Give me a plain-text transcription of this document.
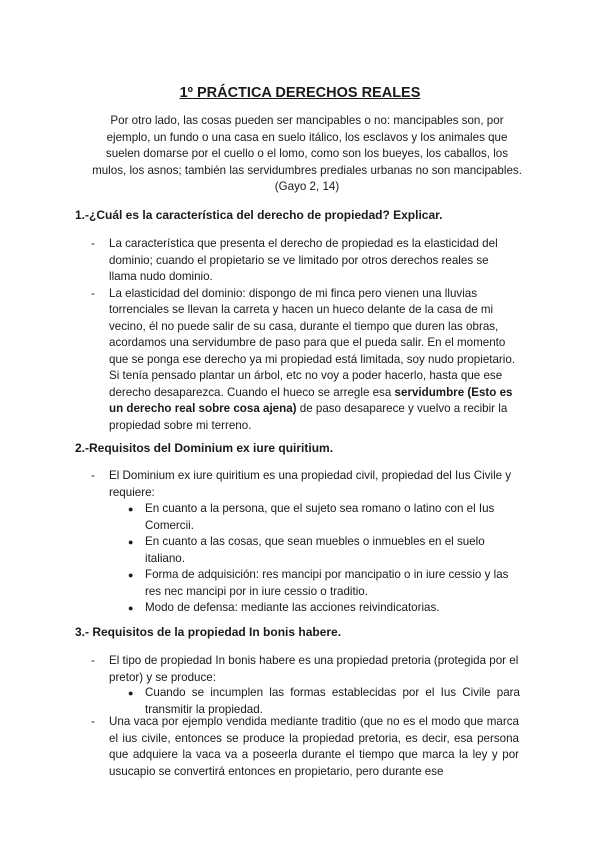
1º PRÁCTICA DERECHOS REALES

Por otro lado, las cosas pueden ser mancipables o no: mancipables son, por ejemplo, un fundo o una casa en suelo itálico, los esclavos y los animales que suelen domarse por el cuello o el lomo, como son los bueyes, los caballos, los mulos, los asnos; también las servidumbres prediales urbanas no son mancipables. (Gayo 2, 14)

1.-¿Cuál es la característica del derecho de propiedad? Explicar.
- La característica que presenta el derecho de propiedad es la elasticidad del dominio; cuando el propietario se ve limitado por otros derechos reales se llama nudo dominio.
- La elasticidad del dominio: dispongo de mi finca pero vienen una lluvias torrenciales se llevan la carreta y hacen un hueco delante de la casa de mi vecino, él no puede salir de su casa, durante el tiempo que duren las obras, acordamos una servidumbre de paso para que el pueda salir. En el momento que se ponga ese derecho ya mi propiedad está limitada, soy nudo propietario. Si tenía pensado plantar un árbol, etc no voy a poder hacerlo, hasta que ese derecho desaparezca. Cuando el hueco se arregle esa servidumbre (Esto es un derecho real sobre cosa ajena) de paso desaparece y vuelvo a recibir la propiedad sobre mi terreno.
2.-Requisitos del Dominium ex iure quiritium.
- El Dominium ex iure quiritium es una propiedad civil, propiedad del Ius Civile y requiere:
● En cuanto a la persona, que el sujeto sea romano o latino con el Ius Comercii.
● En cuanto a las cosas, que sean muebles o inmuebles en el suelo italiano.
● Forma de adquisición: res mancipi por mancipatio o in iure cessio y las res nec mancipi por in iure cessio o traditio.
● Modo de defensa: mediante las acciones reivindicatorias.
3.- Requisitos de la propiedad In bonis habere.
- El tipo de propiedad In bonis habere es una propiedad pretoria (protegida por el pretor) y se produce:
● Cuando se incumplen las formas establecidas por el Ius Civile para transmitir la propiedad.
- Una vaca por ejemplo vendida mediante traditio (que no es el modo que marca el ius civile, entonces se produce la propiedad pretoria, es decir, esa persona que adquiere la vaca va a poseerla durante el tiempo que marca la ley y por usucapio se convertirá entonces en propietario, pero durante ese
